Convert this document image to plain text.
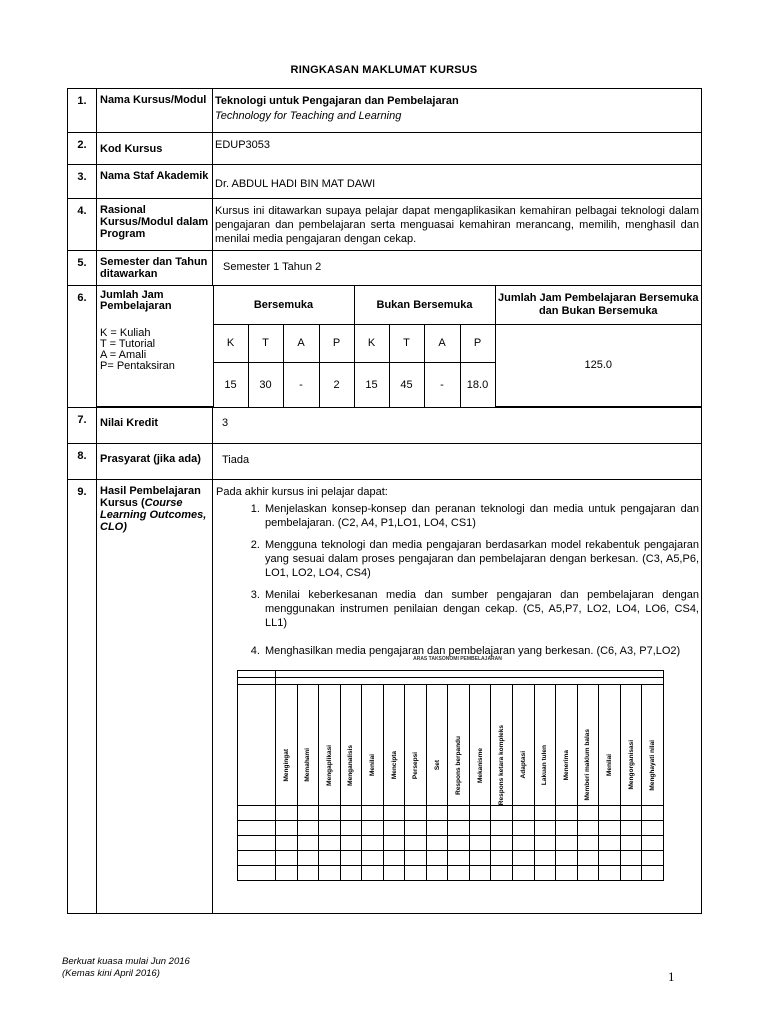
RINGKASAN MAKLUMAT KURSUS
1.	Nama Kursus/Modul	Teknologi untuk Pengajaran dan Pembelajaran
Technology for Teaching and Learning

2.	Kod Kursus	EDUP3053
3.	Nama Staf Akademik	Dr. ABDUL HADI BIN MAT DAWI
4.	Rasional Kursus/Modul dalam Program	Kursus ini ditawarkan supaya pelajar dapat mengaplikasikan kemahiran pelbagai teknologi dalam pengajaran dan pembelajaran serta menguasai kemahiran merancang, memilih, menghasil dan menilai media pengajaran dengan cekap.
5.	Semester dan Tahun ditawarkan	Semester 1 Tahun 2
6.	Jumlah Jam Pembelajaran	Bersemuka	Bukan Bersemuka	Jumlah Jam Pembelajaran Bersemuka dan Bukan Bersemuka

K = Kuliah
T = Tutorial
A = Amali
P= Pentaksiran
	K	T	A	P	K	T	A	P	125.0
15	30	-	2	15	45	-	18.0

7.	Nilai Kredit	3
8.	Prasyarat (jika ada)	Tiada
9.	Hasil Pembelajaran Kursus (Course Learning Outcomes, CLO)	
Pada akhir kursus ini pelajar dapat:
1. Menjelaskan konsep-konsep dan peranan teknologi dan media untuk pengajaran dan pembelajaran. (C2, A4, P1,LO1, LO4, CS1)
2. Mengguna teknologi dan media pengajaran berdasarkan model rekabentuk pengajaran yang sesuai dalam proses pengajaran dan pembelajaran dengan berkesan. (C3, A5,P6, LO1, LO2, LO4, CS4)
3. Menilai keberkesanan media dan sumber pengajaran dan pembelajaran dengan menggunakan instrumen penilaian dengan cekap. (C5, A5,P7, LO2, LO4, LO6, CS4, LL1)
4. Menghasilkan media pengajaran dan pembelajaran yang berkesan. (C6, A3, P7,LO2)
ARAS TAKSONOMI PEMBELAJARAN

Mengingat	Memahami	Mengaplikasi	Menganalisis	Menilai	Mencipta	Persepsi	Set	Respons berpandu	Mekanisme	Respons ketara kompleks	Adaptasi	Lakuan tulen	Menerima	Memberi maklum balas	Menilai	Mengorganisasi	Menghayati nilai

Berkuat kuasa mulai Jun 2016
(Kemas kini April 2016)	1
